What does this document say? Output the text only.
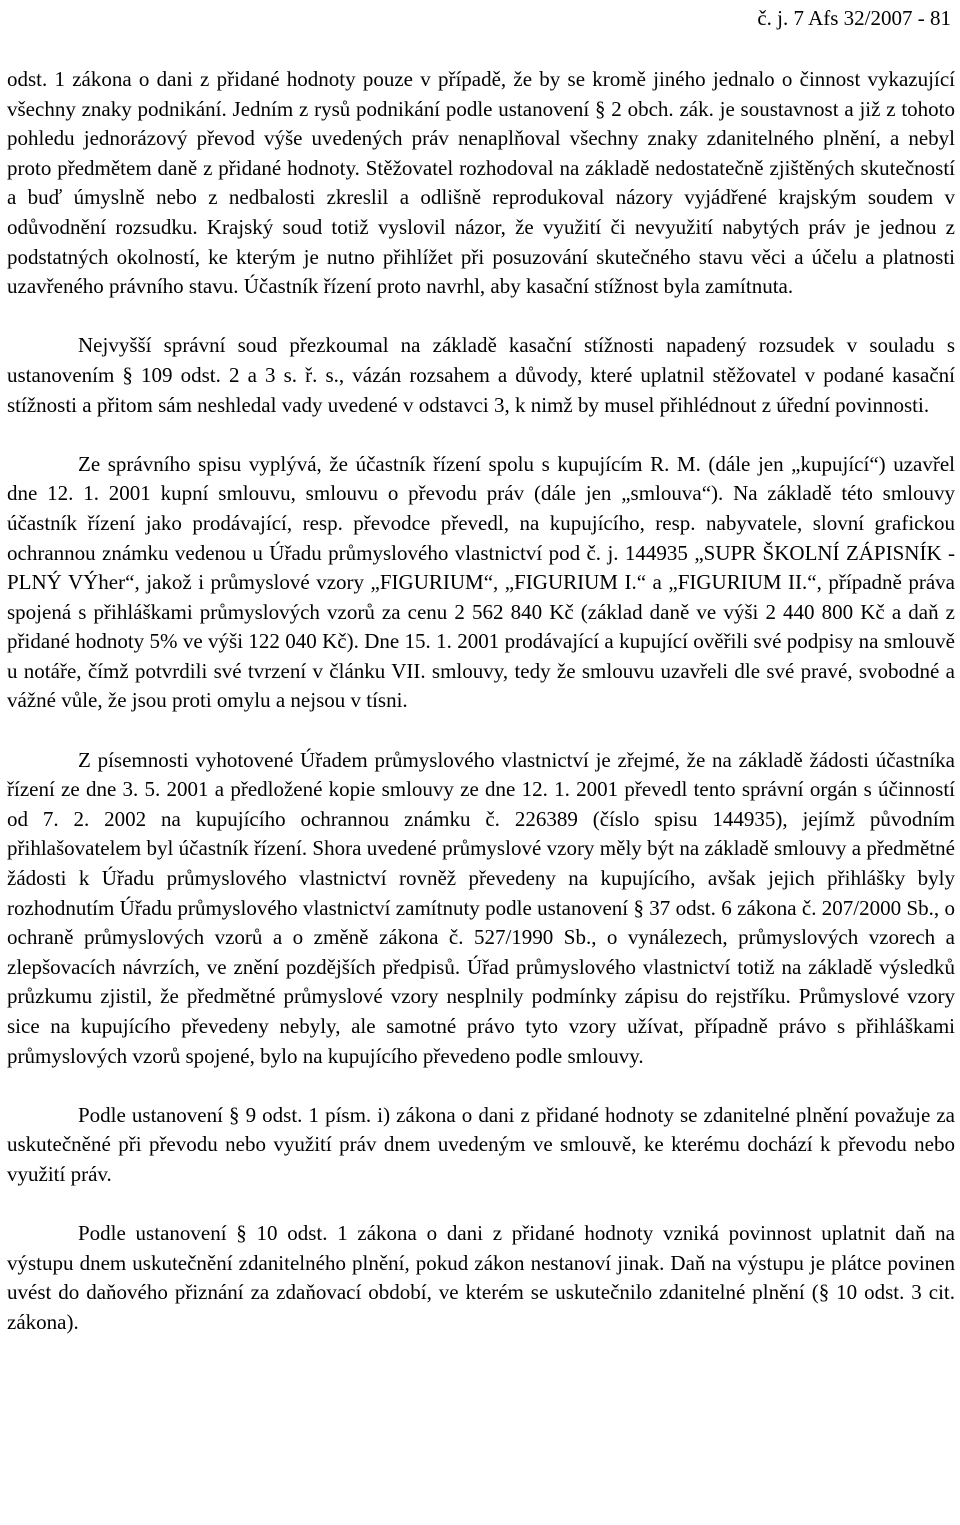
č. j. 7 Afs 32/2007 - 81

odst. 1 zákona o dani z přidané hodnoty pouze v případě, že by se kromě jiného jednalo o činnost vykazující všechny znaky podnikání. Jedním z rysů podnikání podle ustanovení § 2 obch. zák. je soustavnost a již z tohoto pohledu jednorázový převod výše uvedených práv nenaplňoval všechny znaky zdanitelného plnění, a nebyl proto předmětem daně z přidané hodnoty. Stěžovatel rozhodoval na základě nedostatečně zjištěných skutečností a buď úmyslně nebo z nedbalosti zkreslil a odlišně reprodukoval názory vyjádřené krajským soudem v odůvodnění rozsudku. Krajský soud totiž vyslovil názor, že využití či nevyužití nabytých práv je jednou z podstatných okolností, ke kterým je nutno přihlížet při posuzování skutečného stavu věci a účelu a platnosti uzavřeného právního stavu. Účastník řízení proto navrhl, aby kasační stížnost byla zamítnuta.

Nejvyšší správní soud přezkoumal na základě kasační stížnosti napadený rozsudek v souladu s ustanovením § 109 odst. 2 a 3 s. ř. s., vázán rozsahem a důvody, které uplatnil stěžovatel v podané kasační stížnosti a přitom sám neshledal vady uvedené v odstavci 3, k nimž by musel přihlédnout z úřední povinnosti.

Ze správního spisu vyplývá, že účastník řízení spolu s kupujícím R. M. (dále jen „kupující“) uzavřel dne 12. 1. 2001 kupní smlouvu, smlouvu o převodu práv (dále jen „smlouva“). Na základě této smlouvy účastník řízení jako prodávající, resp. převodce převedl, na kupujícího, resp. nabyvatele, slovní grafickou ochrannou známku vedenou u Úřadu průmyslového vlastnictví pod č. j. 144935 „SUPR ŠKOLNÍ ZÁPISNÍK - PLNÝ VÝher“, jakož i průmyslové vzory „FIGURIUM“, „FIGURIUM I.“ a „FIGURIUM II.“, případně práva spojená s přihláškami průmyslových vzorů za cenu 2 562 840 Kč (základ daně ve výši 2 440 800 Kč a daň z přidané hodnoty 5% ve výši 122 040 Kč). Dne 15. 1. 2001 prodávající a kupující ověřili své podpisy na smlouvě u notáře, čímž potvrdili své tvrzení v článku VII. smlouvy, tedy že smlouvu uzavřeli dle své pravé, svobodné a vážné vůle, že jsou proti omylu a nejsou v tísni.

Z písemnosti vyhotovené Úřadem průmyslového vlastnictví je zřejmé, že na základě žádosti účastníka řízení ze dne 3. 5. 2001 a předložené kopie smlouvy ze dne 12. 1. 2001 převedl tento správní orgán s účinností od 7. 2. 2002 na kupujícího ochrannou známku č. 226389 (číslo spisu 144935), jejímž původním přihlašovatelem byl účastník řízení. Shora uvedené průmyslové vzory měly být na základě smlouvy a předmětné žádosti k Úřadu průmyslového vlastnictví rovněž převedeny na kupujícího, avšak jejich přihlášky byly rozhodnutím Úřadu průmyslového vlastnictví zamítnuty podle ustanovení § 37 odst. 6 zákona č. 207/2000 Sb., o ochraně průmyslových vzorů a o změně zákona č. 527/1990 Sb., o vynálezech, průmyslových vzorech a zlepšovacích návrzích, ve znění pozdějších předpisů. Úřad průmyslového vlastnictví totiž na základě výsledků průzkumu zjistil, že předmětné průmyslové vzory nesplnily podmínky zápisu do rejstříku. Průmyslové vzory sice na kupujícího převedeny nebyly, ale samotné právo tyto vzory užívat, případně právo s přihláškami průmyslových vzorů spojené, bylo na kupujícího převedeno podle smlouvy.

Podle ustanovení § 9 odst. 1 písm. i) zákona o dani z přidané hodnoty se zdanitelné plnění považuje za uskutečněné při převodu nebo využití práv dnem uvedeným ve smlouvě, ke kterému dochází k převodu nebo využití práv.

Podle ustanovení § 10 odst. 1 zákona o dani z přidané hodnoty vzniká povinnost uplatnit daň na výstupu dnem uskutečnění zdanitelného plnění, pokud zákon nestanoví jinak. Daň na výstupu je plátce povinen uvést do daňového přiznání za zdaňovací období, ve kterém se uskutečnilo zdanitelné plnění (§ 10 odst. 3 cit. zákona).
